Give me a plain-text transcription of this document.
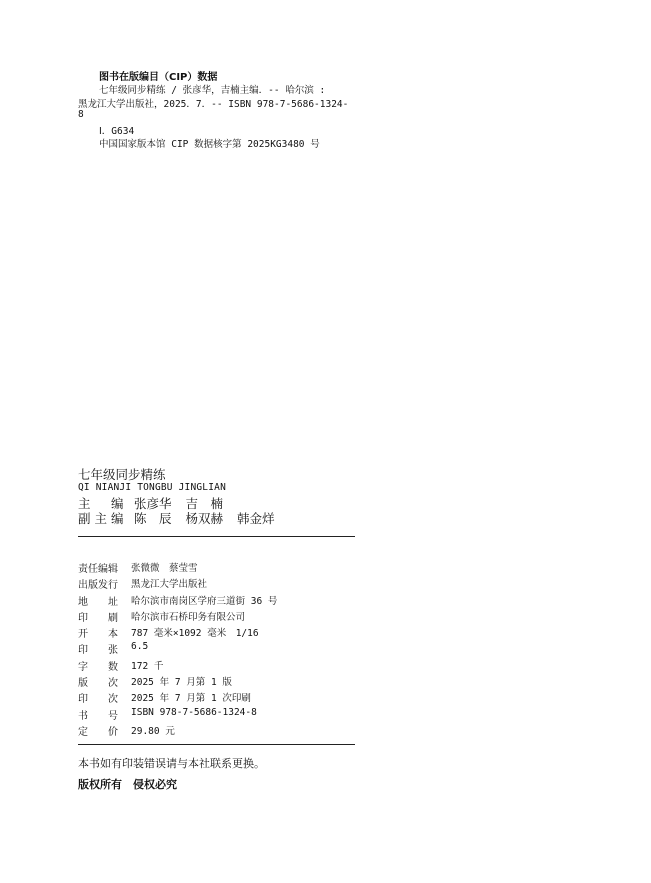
图书在版编目（CIP）数据
七年级同步精练 / 张彦华，吉楠主编．-- 哈尔滨 :
黑龙江大学出版社，2025．7．-- ISBN 978-7-5686-1324-
8
Ⅰ．G634
中国国家版本馆 CIP 数据核字第 2025KG3480 号
七年级同步精练
QI NIANJI TONGBU JINGLIAN
主　编 张彦华 吉　楠
副主编 陈　辰 杨双赫 韩金烊
责任编辑	张微微　蔡莹雪
出版发行	黑龙江大学出版社
地　　址	哈尔滨市南岗区学府三道街 36 号
印　　刷	哈尔滨市石桥印务有限公司
开　　本	787 毫米×1092 毫米　1/16
印　　张	6.5
字　　数	172 千
版　　次	2025 年 7 月第 1 版
印　　次	2025 年 7 月第 1 次印刷
书　　号	ISBN 978-7-5686-1324-8
定　　价	29.80 元
本书如有印装错误请与本社联系更换。
版权所有　侵权必究
